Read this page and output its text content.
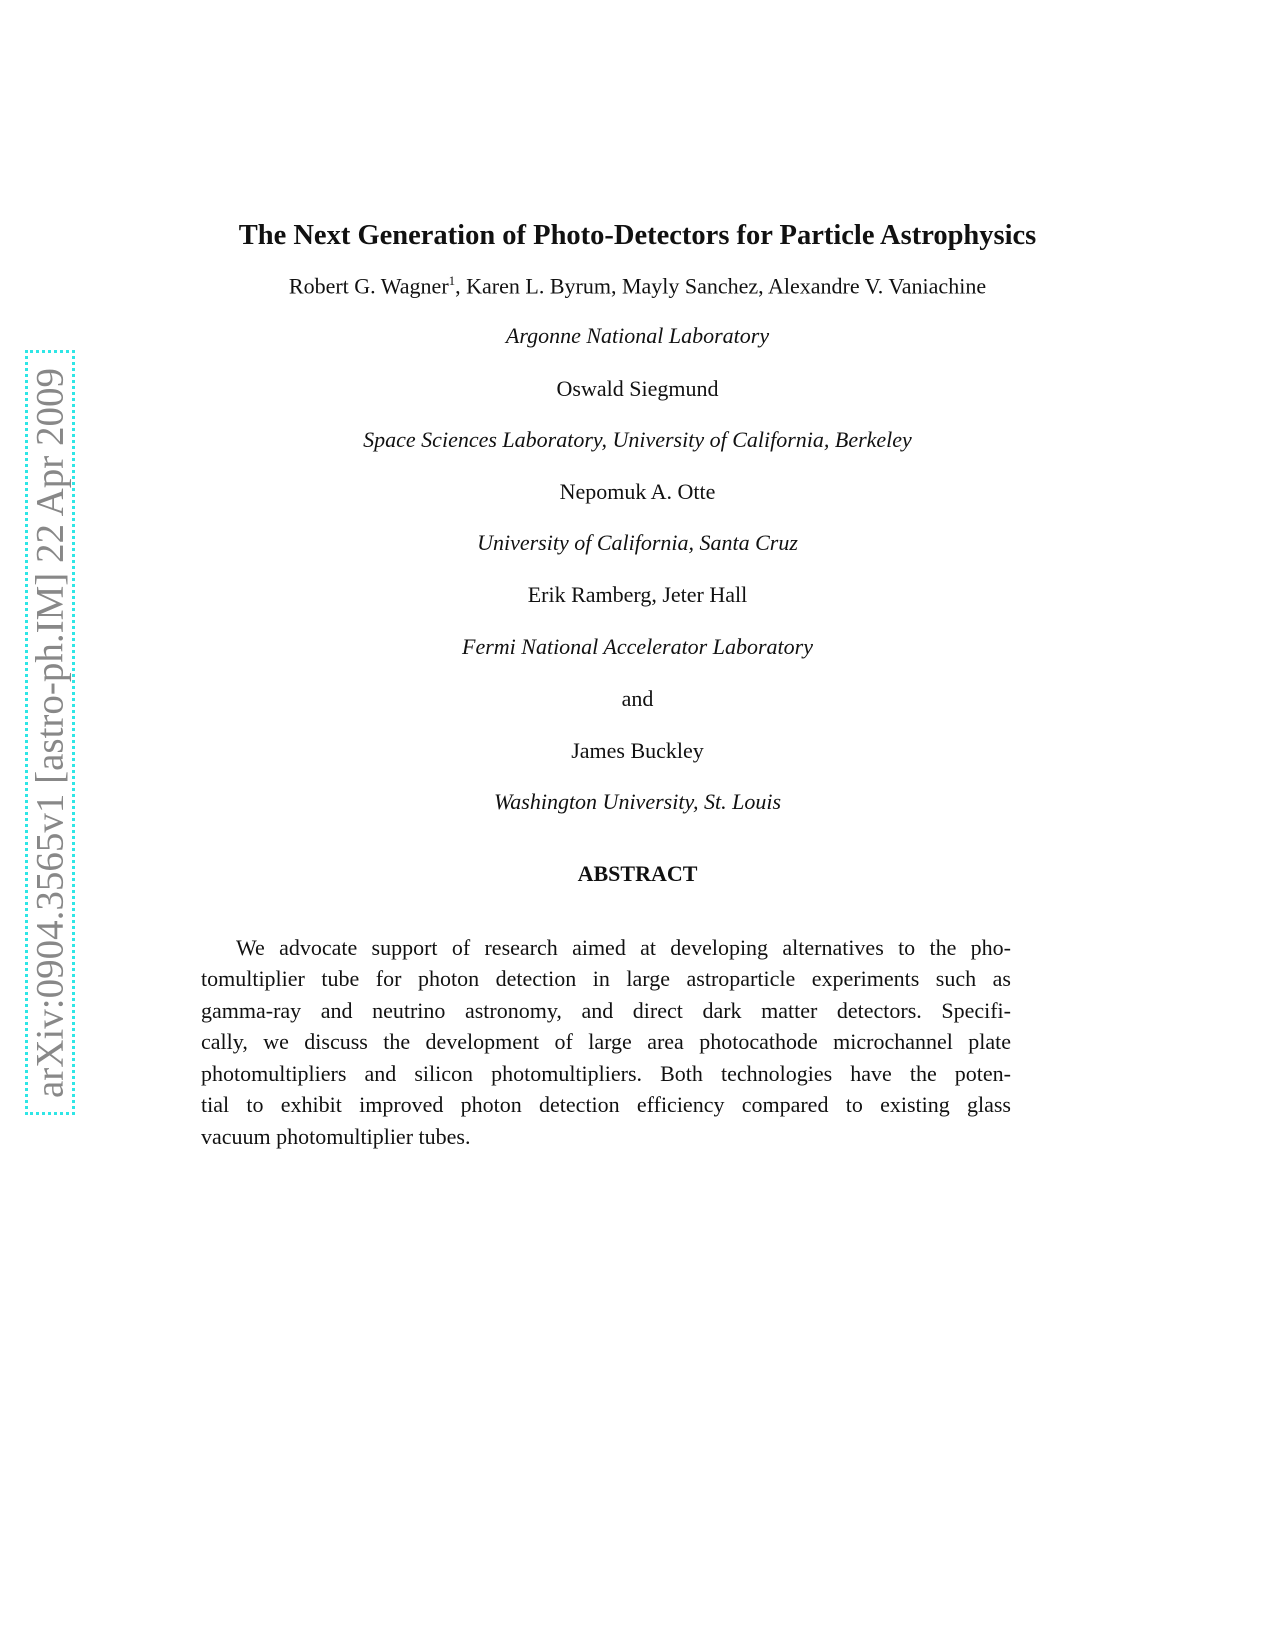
arXiv:0904.3565v1 [astro-ph.IM] 22 Apr 2009
The Next Generation of Photo-Detectors for Particle Astrophysics
Robert G. Wagner$^1$, Karen L. Byrum, Mayly Sanchez, Alexandre V. Vaniachine
Argonne National Laboratory
Oswald Siegmund
Space Sciences Laboratory, University of California, Berkeley
Nepomuk A. Otte
University of California, Santa Cruz
Erik Ramberg, Jeter Hall
Fermi National Accelerator Laboratory
and
James Buckley
Washington University, St. Louis
ABSTRACT
We advocate support of research aimed at developing alternatives to the pho-
tomultiplier tube for photon detection in large astroparticle experiments such as
gamma-ray and neutrino astronomy, and direct dark matter detectors. Specifi-
cally, we discuss the development of large area photocathode microchannel plate
photomultipliers and silicon photomultipliers. Both technologies have the poten-
tial to exhibit improved photon detection efficiency compared to existing glass
vacuum photomultiplier tubes.
